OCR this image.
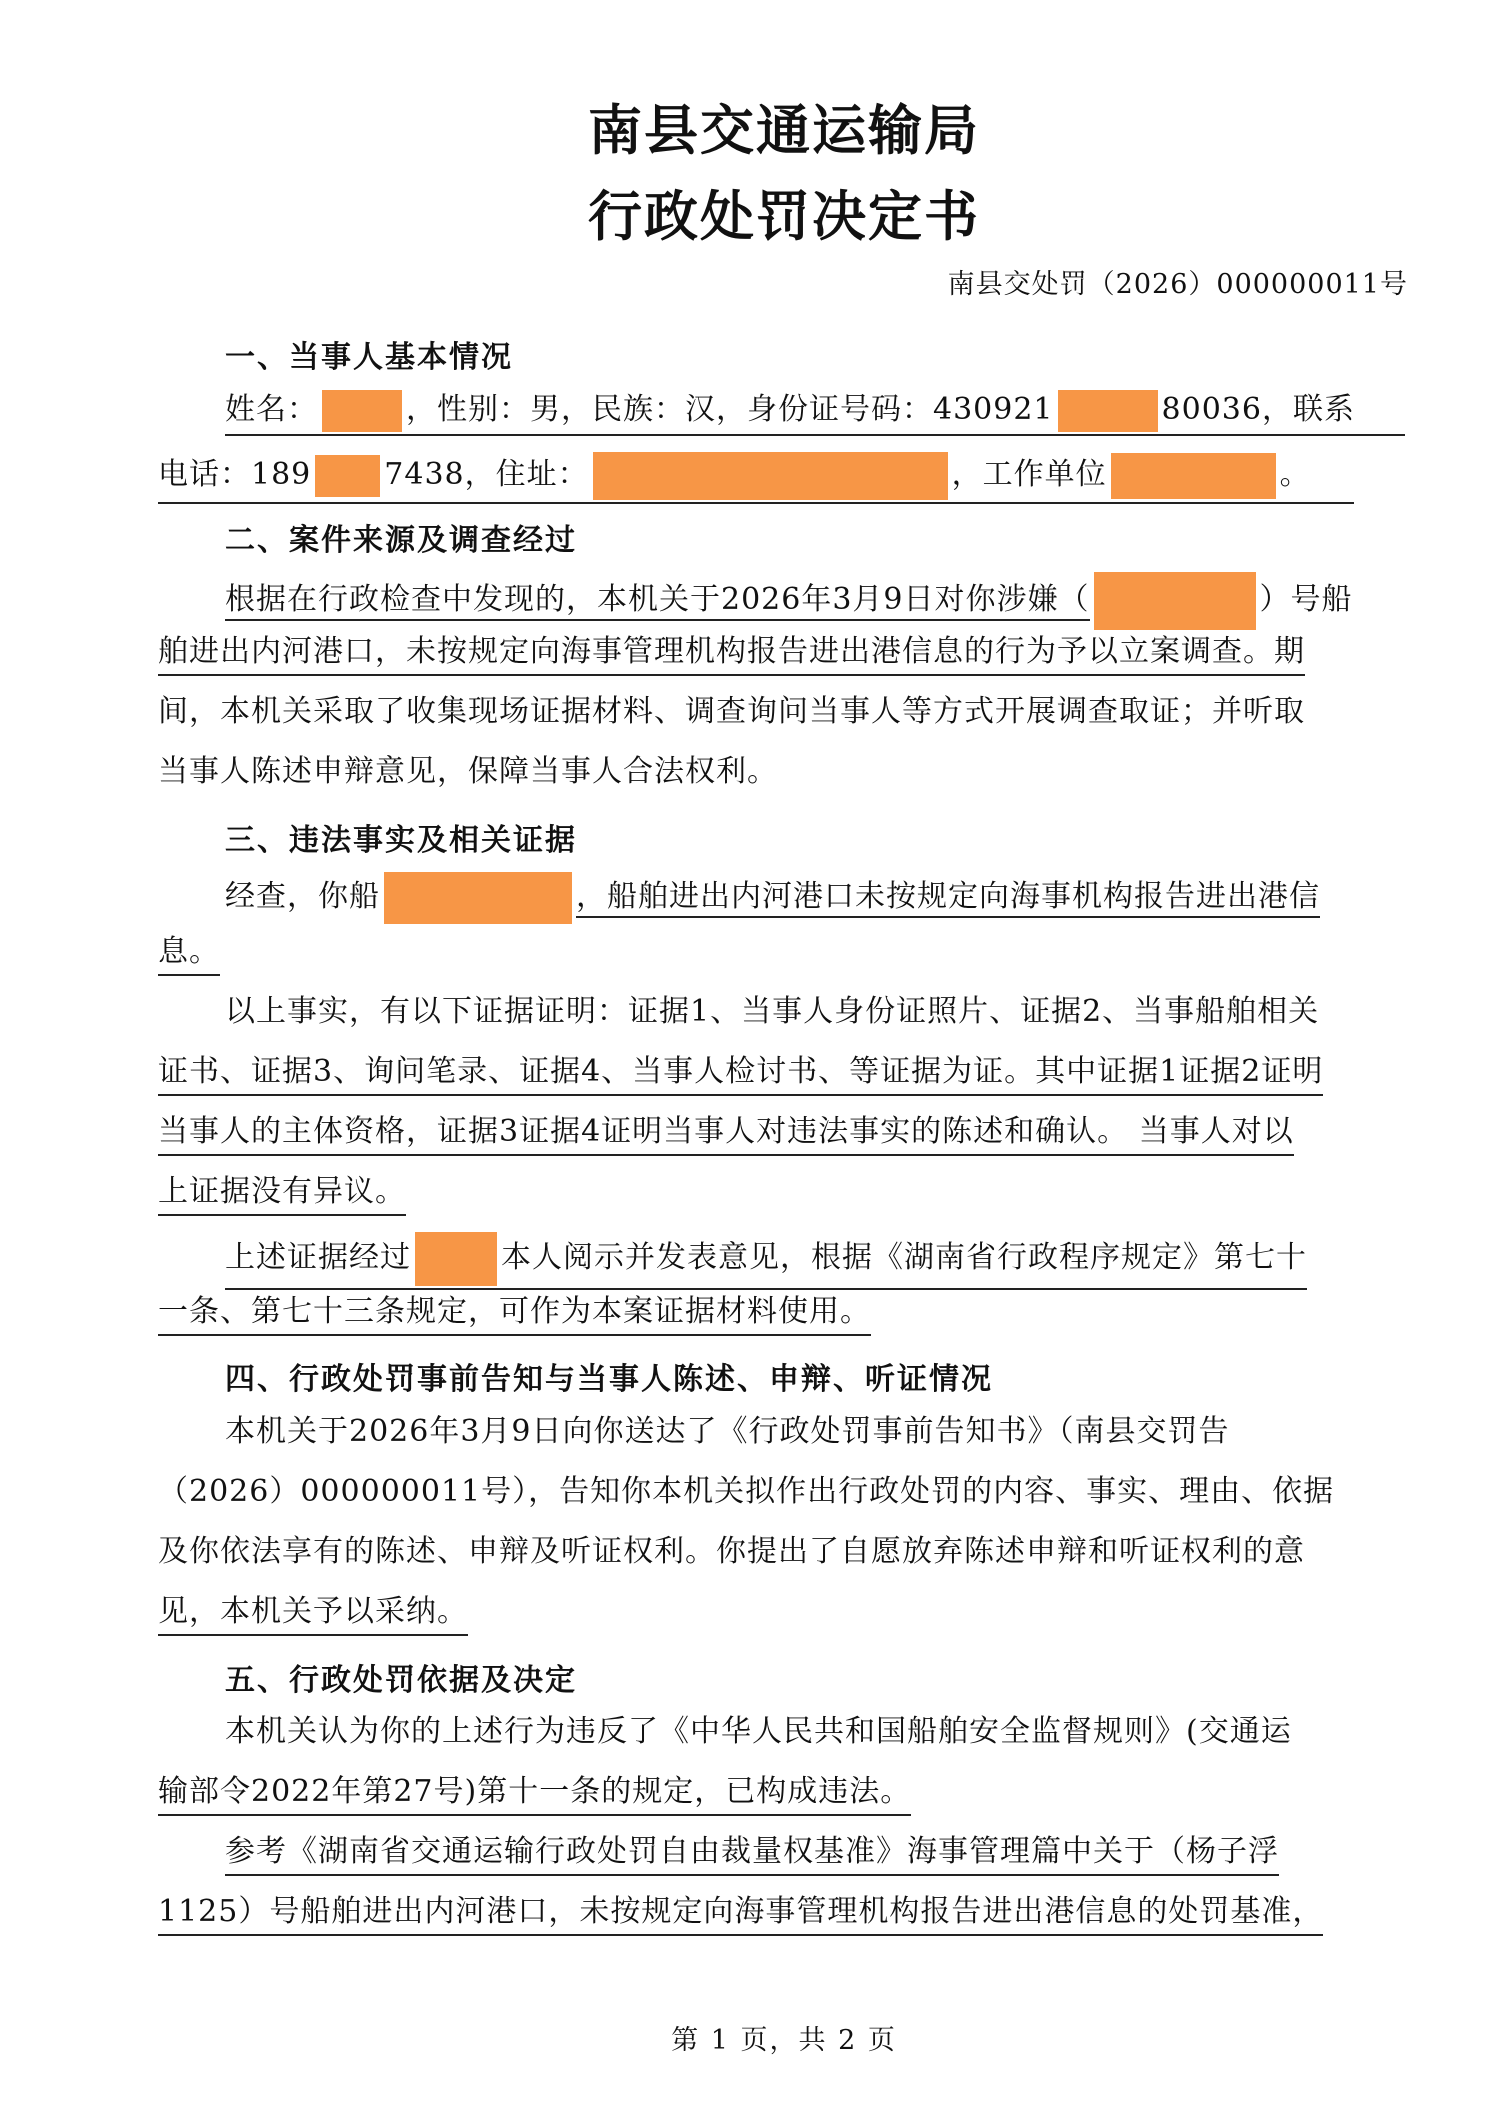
南县交通运输局
行政处罚决定书
南县交处罚（2026）000000011号
一、当事人基本情况
姓名：	，性别：男，民族：汉，身份证号码：430921	80036，联系
电话：189 7438，住址：	，工作单位	。
二、案件来源及调查经过
根据在行政检查中发现的，本机关于2026年3月9日对你涉嫌（	）号船
舶进出内河港口，未按规定向海事管理机构报告进出港信息的行为予以立案调查。期
间，本机关采取了收集现场证据材料、调查询问当事人等方式开展调查取证；并听取
当事人陈述申辩意见，保障当事人合法权利。
三、违法事实及相关证据
经查，你船	，船舶进出内河港口未按规定向海事机构报告进出港信
息。
以上事实，有以下证据证明：证据1、当事人身份证照片、证据2、当事船舶相关
证书、证据3、询问笔录、证据4、当事人检讨书、等证据为证。其中证据1证据2证明
当事人的主体资格，证据3证据4证明当事人对违法事实的陈述和确认。 当事人对以
上证据没有异议。
上述证据经过	本人阅示并发表意见，根据《湖南省行政程序规定》第七十
一条、第七十三条规定，可作为本案证据材料使用。
四、行政处罚事前告知与当事人陈述、申辩、听证情况
本机关于2026年3月9日向你送达了《行政处罚事前告知书》（南县交罚告
（2026）000000011号），告知你本机关拟作出行政处罚的内容、事实、理由、依据
及你依法享有的陈述、申辩及听证权利。你提出了自愿放弃陈述申辩和听证权利的意
见，本机关予以采纳。
五、行政处罚依据及决定
本机关认为你的上述行为违反了《中华人民共和国船舶安全监督规则》(交通运
输部令2022年第27号)第十一条的规定，已构成违法。
参考《湖南省交通运输行政处罚自由裁量权基准》海事管理篇中关于（杨子浮
1125）号船舶进出内河港口，未按规定向海事管理机构报告进出港信息的处罚基准，
第 1 页，共 2 页
